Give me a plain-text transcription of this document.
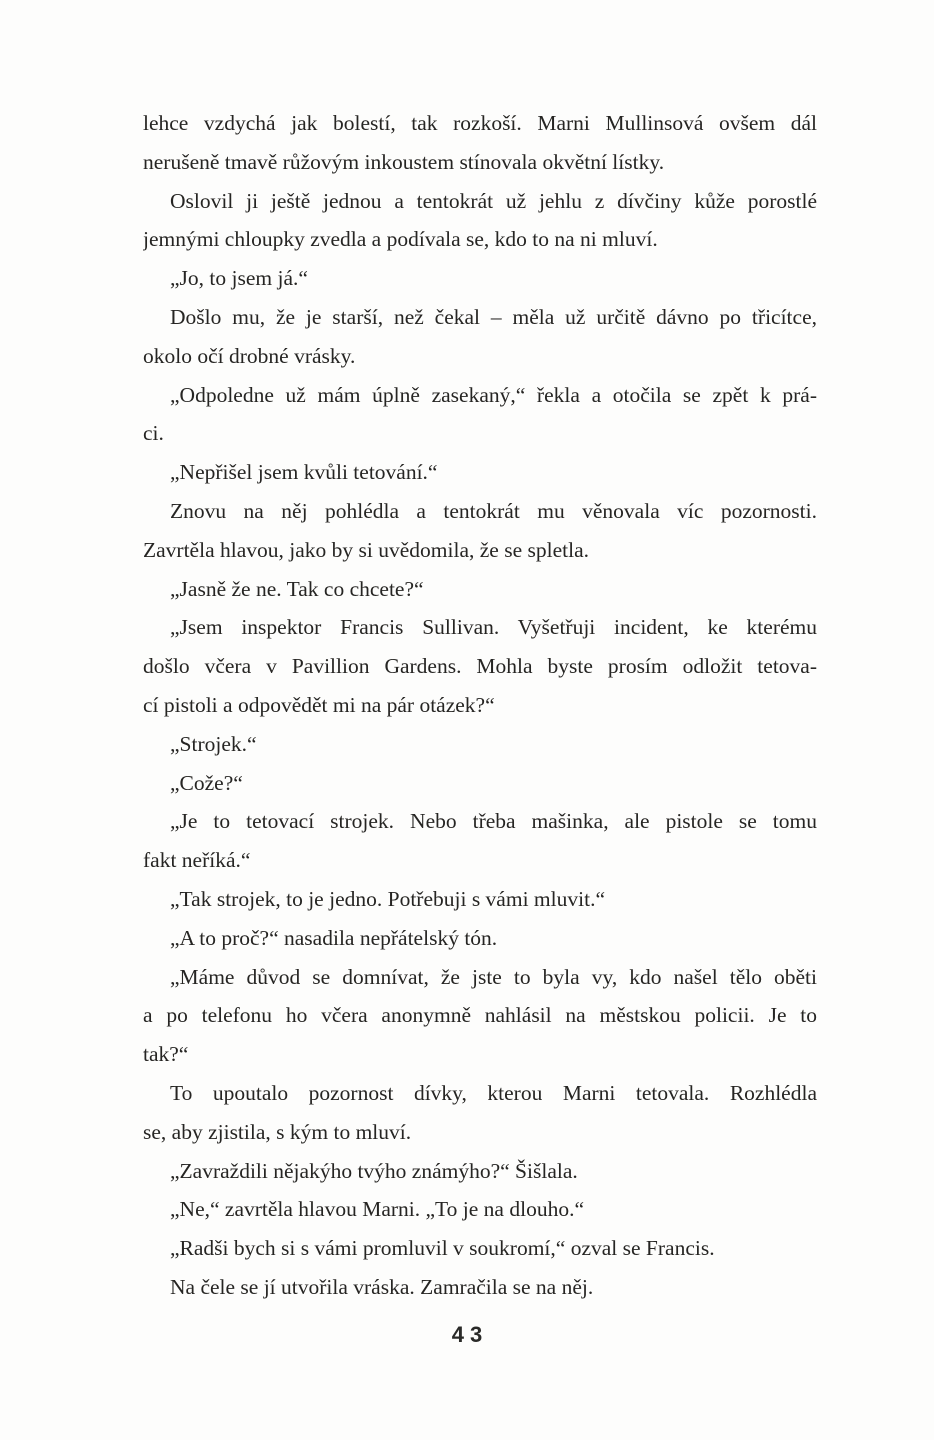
lehce vzdychá jak bolestí, tak rozkoší. Marni Mullinsová ovšem dál
nerušeně tmavě růžovým inkoustem stínovala okvětní lístky.
Oslovil ji ještě jednou a tentokrát už jehlu z dívčiny kůže porostlé
jemnými chloupky zvedla a podívala se, kdo to na ni mluví.
„Jo, to jsem já.“
Došlo mu, že je starší, než čekal – měla už určitě dávno po třicítce,
okolo očí drobné vrásky.
„Odpoledne už mám úplně zasekaný,“ řekla a otočila se zpět k prá-
ci.
„Nepřišel jsem kvůli tetování.“
Znovu na něj pohlédla a tentokrát mu věnovala víc pozornosti.
Zavrtěla hlavou, jako by si uvědomila, že se spletla.
„Jasně že ne. Tak co chcete?“
„Jsem inspektor Francis Sullivan. Vyšetřuji incident, ke kterému
došlo včera v Pavillion Gardens. Mohla byste prosím odložit tetova-
cí pistoli a odpovědět mi na pár otázek?“
„Strojek.“
„Cože?“
„Je to tetovací strojek. Nebo třeba mašinka, ale pistole se tomu
fakt neříká.“
„Tak strojek, to je jedno. Potřebuji s vámi mluvit.“
„A to proč?“ nasadila nepřátelský tón.
„Máme důvod se domnívat, že jste to byla vy, kdo našel tělo oběti
a po telefonu ho včera anonymně nahlásil na městskou policii. Je to
tak?“
To upoutalo pozornost dívky, kterou Marni tetovala. Rozhlédla
se, aby zjistila, s kým to mluví.
„Zavraždili nějakýho tvýho známýho?“ Šišlala.
„Ne,“ zavrtěla hlavou Marni. „To je na dlouho.“
„Radši bych si s vámi promluvil v soukromí,“ ozval se Francis.
Na čele se jí utvořila vráska. Zamračila se na něj.
43
